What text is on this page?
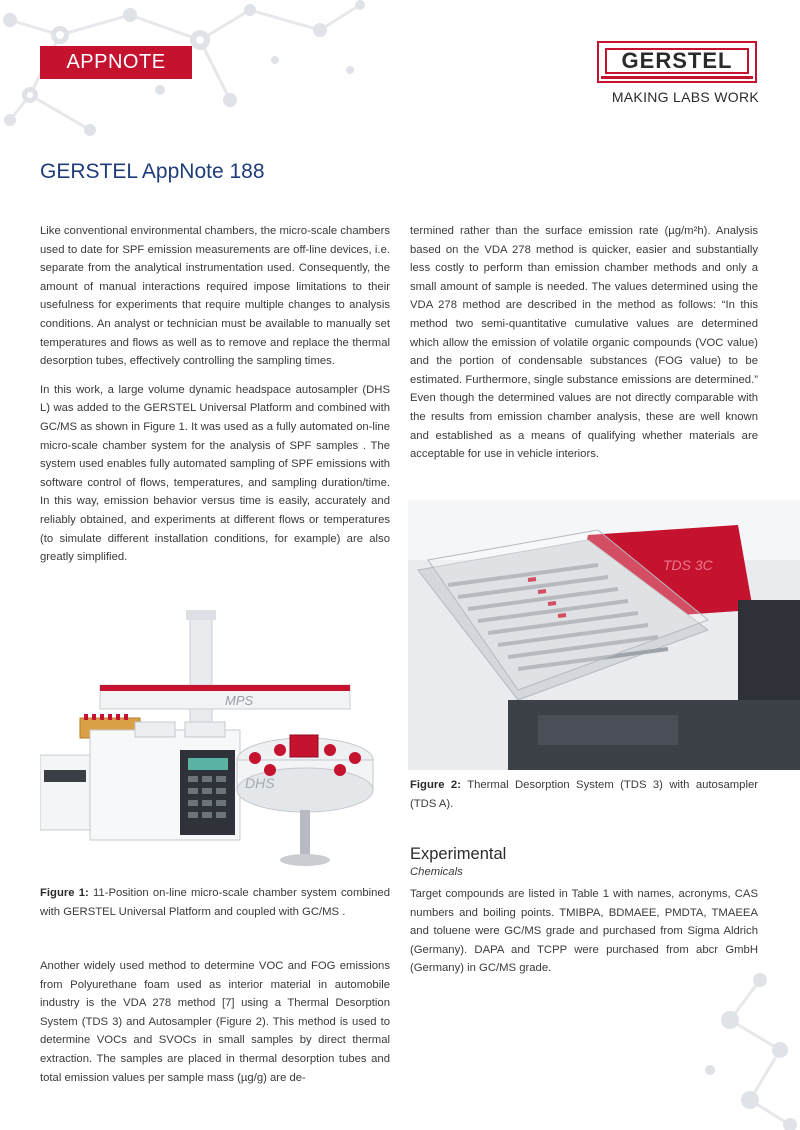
APPNOTE	GERSTEL
MAKING LABS WORK
GERSTEL AppNote 188

Like conventional environmental chambers, the micro-scale chambers used to date for SPF emission measurements are off-line devices, i.e. separate from the analytical instrumentation used. Consequently, the amount of manual interactions required impose limitations to their usefulness for experiments that require multiple changes to analysis conditions. An analyst or technician must be available to manually set temperatures and flows as well as to remove and replace the thermal desorption tubes, effectively controlling the sampling times.

In this work, a large volume dynamic headspace autosampler (DHS L) was added to the GERSTEL Universal Platform and combined with GC/MS as shown in Figure 1. It was used as a fully automated on-line micro-scale chamber system for the analysis of SPF samples . The system used enables fully automated sampling of SPF emissions with software control of flows, temperatures, and sampling duration/time. In this way, emission behavior versus time is easily, accurately and reliably obtained, and experiments at different flows or temperatures (to simulate different installation conditions, for example) are also greatly simplified.

MPS
DHS
TDS 3C
Figure 1: 11-Position on-line micro-scale chamber system combined with GERSTEL Universal Platform and coupled with GC/MS .

Another widely used method to determine VOC and FOG emissions from Polyurethane foam used as interior material in automobile industry is the VDA 278 method [7] using a Thermal Desorption System (TDS 3) and Autosampler (Figure 2). This method is used to determine VOCs and SVOCs in small samples by direct thermal extraction. The samples are placed in thermal desorption tubes and total emission values per sample mass (µg/g) are de-

termined rather than the surface emission rate (µg/m²h). Analysis based on the VDA 278 method is quicker, easier and substantially less costly to perform than emission chamber methods and only a small amount of sample is needed. The values determined using the VDA 278 method are described in the method as follows: “In this method two semi-quantitative cumulative values are determined which allow the emission of volatile organic compounds (VOC value) and the portion of condensable substances (FOG value) to be estimated. Furthermore, single substance emissions are determined.” Even though the determined values are not directly comparable with the results from emission chamber analysis, these are well known and established as a means of qualifying whether materials are acceptable for use in vehicle interiors.

Figure 2: Thermal Desorption System (TDS 3) with autosampler (TDS A).
Experimental
Chemicals

Target compounds are listed in Table 1 with names, acronyms, CAS numbers and boiling points. TMIBPA, BDMAEE, PMDTA, TMAEEA and toluene were GC/MS grade and purchased from Sigma Aldrich (Germany). DAPA and TCPP were purchased from abcr GmbH (Germany) in GC/MS grade.
